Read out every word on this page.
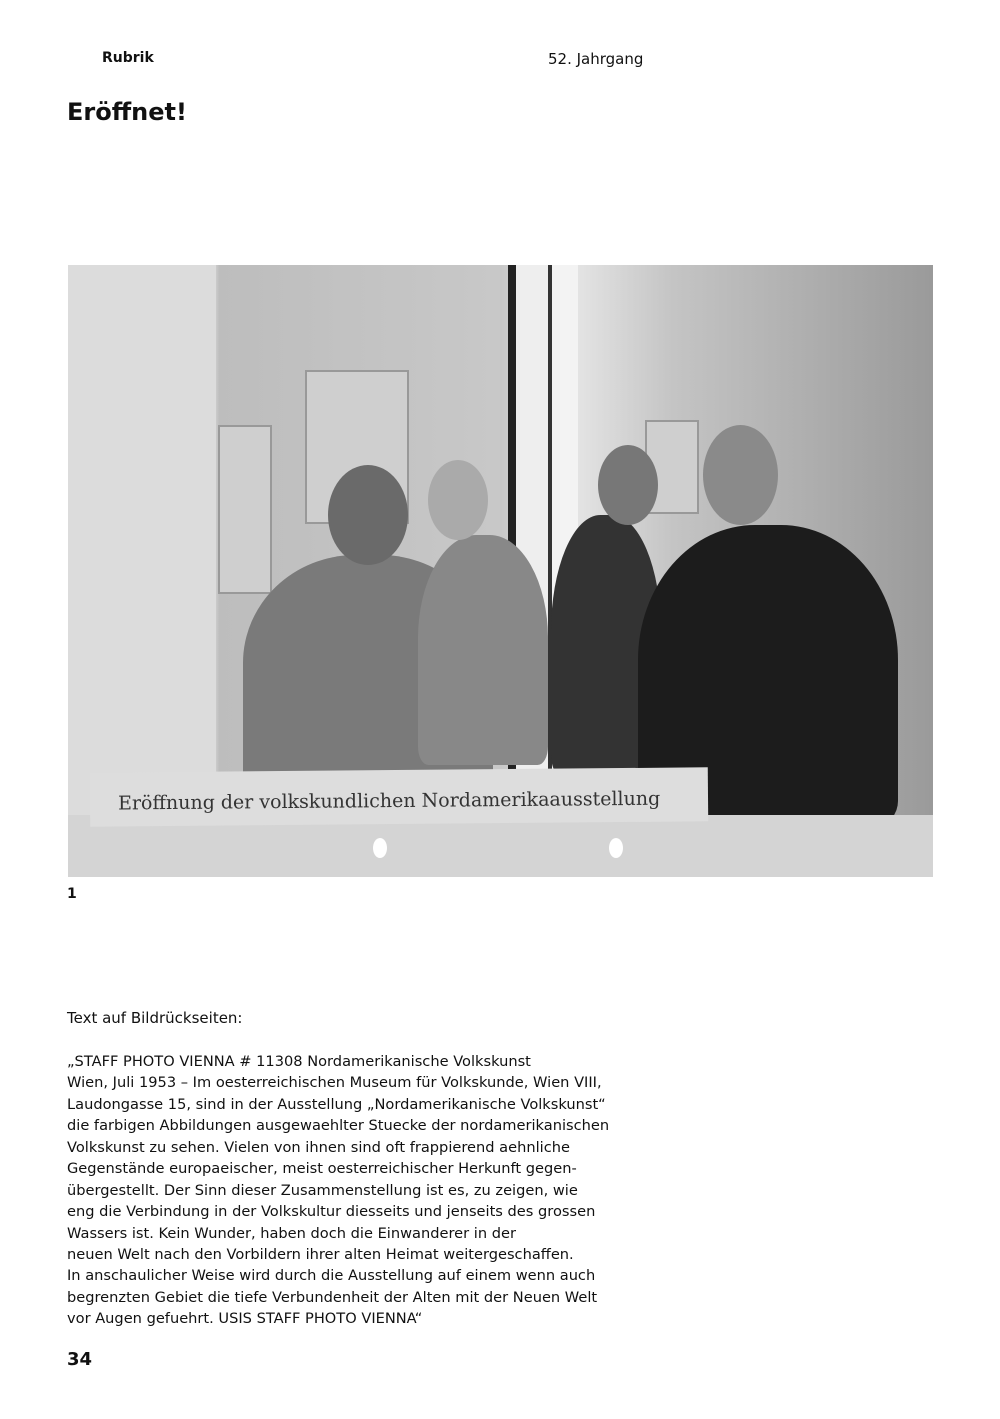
Rubrik	52. Jahrgang
Eröffnet!
Eröffnung der volkskundlichen Nordamerikaausstellung
1
Text auf Bildrückseiten:
„STAFF PHOTO VIENNA # 11308 Nordamerikanische Volkskunst
Wien, Juli 1953 – Im oesterreichischen Museum für Volkskunde, Wien VIII,
Laudongasse 15, sind in der Ausstellung „Nordamerikanische Volkskunst“
die farbigen Abbildungen ausgewaehlter Stuecke der nordamerikanischen
Volkskunst zu sehen. Vielen von ihnen sind oft frappierend aehnliche
Gegenstände europaeischer, meist oesterreichischer Herkunft gegen-
übergestellt. Der Sinn dieser Zusammenstellung ist es, zu zeigen, wie
eng die Verbindung in der Volkskultur diesseits und jenseits des grossen
Wassers ist. Kein Wunder, haben doch die Einwanderer in der
neuen Welt nach den Vorbildern ihrer alten Heimat weitergeschaffen.
In anschaulicher Weise wird durch die Ausstellung auf einem wenn auch
begrenzten Gebiet die tiefe Verbundenheit der Alten mit der Neuen Welt
vor Augen gefuehrt. USIS STAFF PHOTO VIENNA“
34
